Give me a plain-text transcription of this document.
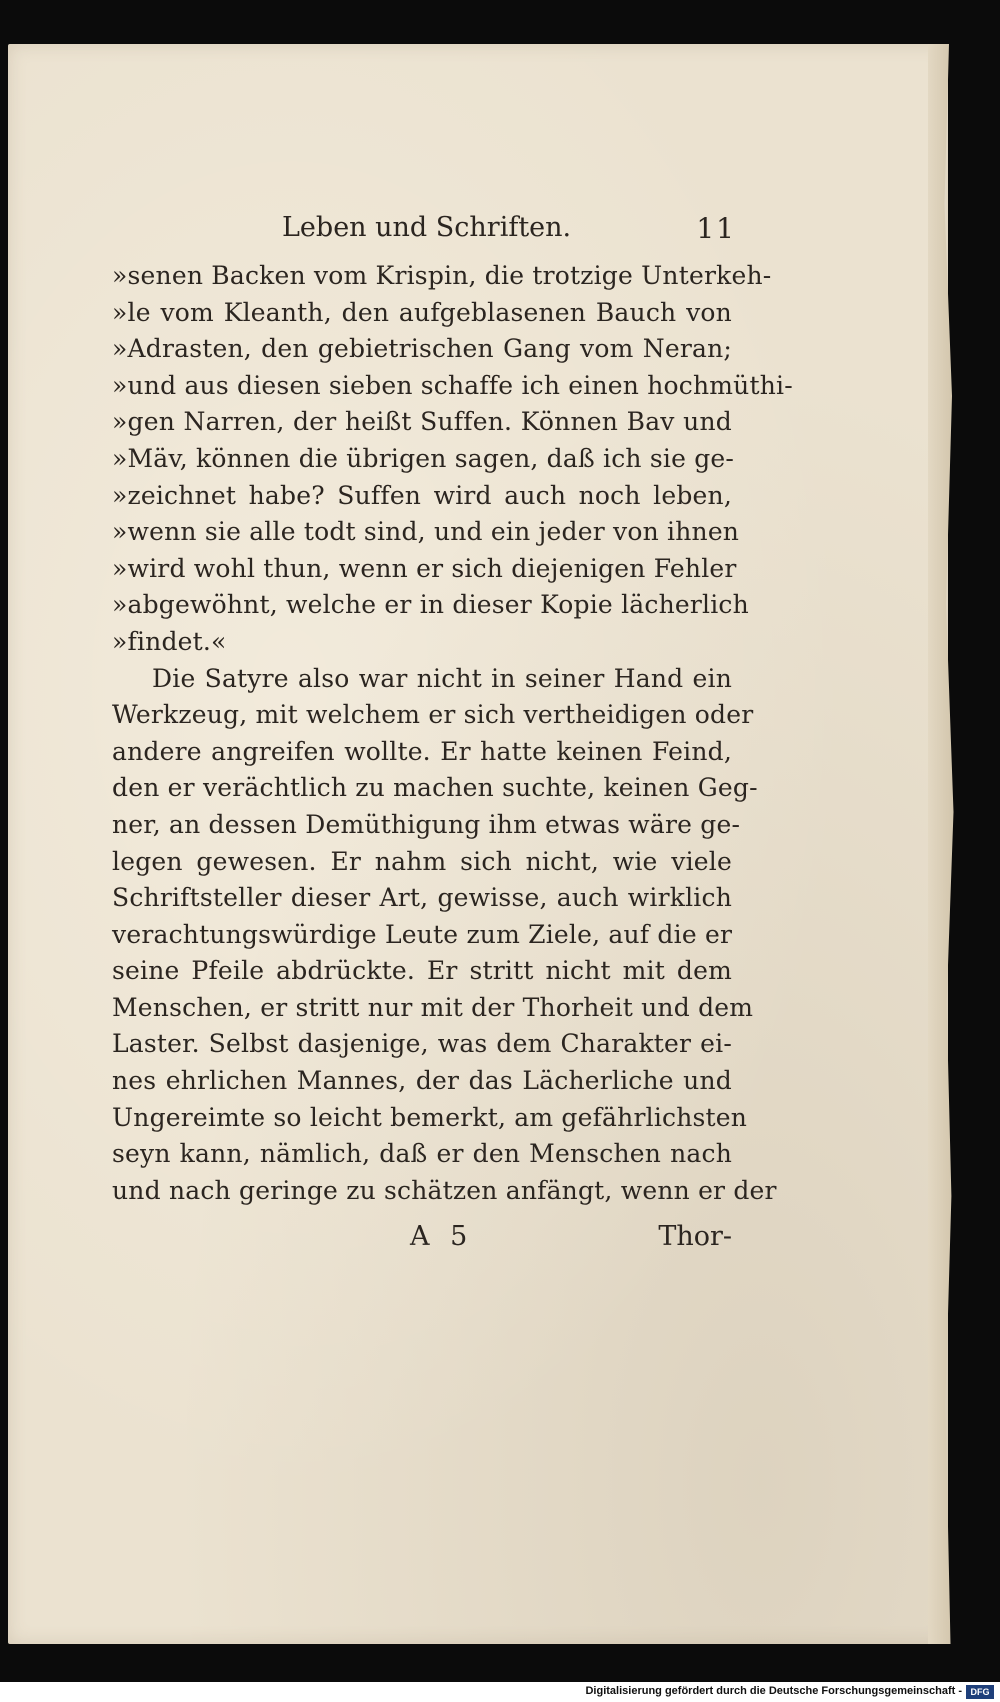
Leben und Schriften.	11
»senen Backen vom Krispin, die trotzige Unterkeh-
»le vom Kleanth, den aufgeblasenen Bauch von
»Adrasten, den gebietrischen Gang vom Neran;
»und aus diesen sieben schaffe ich einen hochmüthi-
»gen Narren, der heißt Suffen. Können Bav und
»Mäv, können die übrigen sagen, daß ich sie ge-
»zeichnet habe? Suffen wird auch noch leben,
»wenn sie alle todt sind, und ein jeder von ihnen
»wird wohl thun, wenn er sich diejenigen Fehler
»abgewöhnt, welche er in dieser Kopie lächerlich
»findet.«
Die Satyre also war nicht in seiner Hand ein
Werkzeug, mit welchem er sich vertheidigen oder
andere angreifen wollte. Er hatte keinen Feind,
den er verächtlich zu machen suchte, keinen Geg-
ner, an dessen Demüthigung ihm etwas wäre ge-
legen gewesen. Er nahm sich nicht, wie viele
Schriftsteller dieser Art, gewisse, auch wirklich
verachtungswürdige Leute zum Ziele, auf die er
seine Pfeile abdrückte. Er stritt nicht mit dem
Menschen, er stritt nur mit der Thorheit und dem
Laster. Selbst dasjenige, was dem Charakter ei-
nes ehrlichen Mannes, der das Lächerliche und
Ungereimte so leicht bemerkt, am gefährlichsten
seyn kann, nämlich, daß er den Menschen nach
und nach geringe zu schätzen anfängt, wenn er der
A 5	Thor-
Digitalisierung gefördert durch die Deutsche Forschungsgemeinschaft - DFG
